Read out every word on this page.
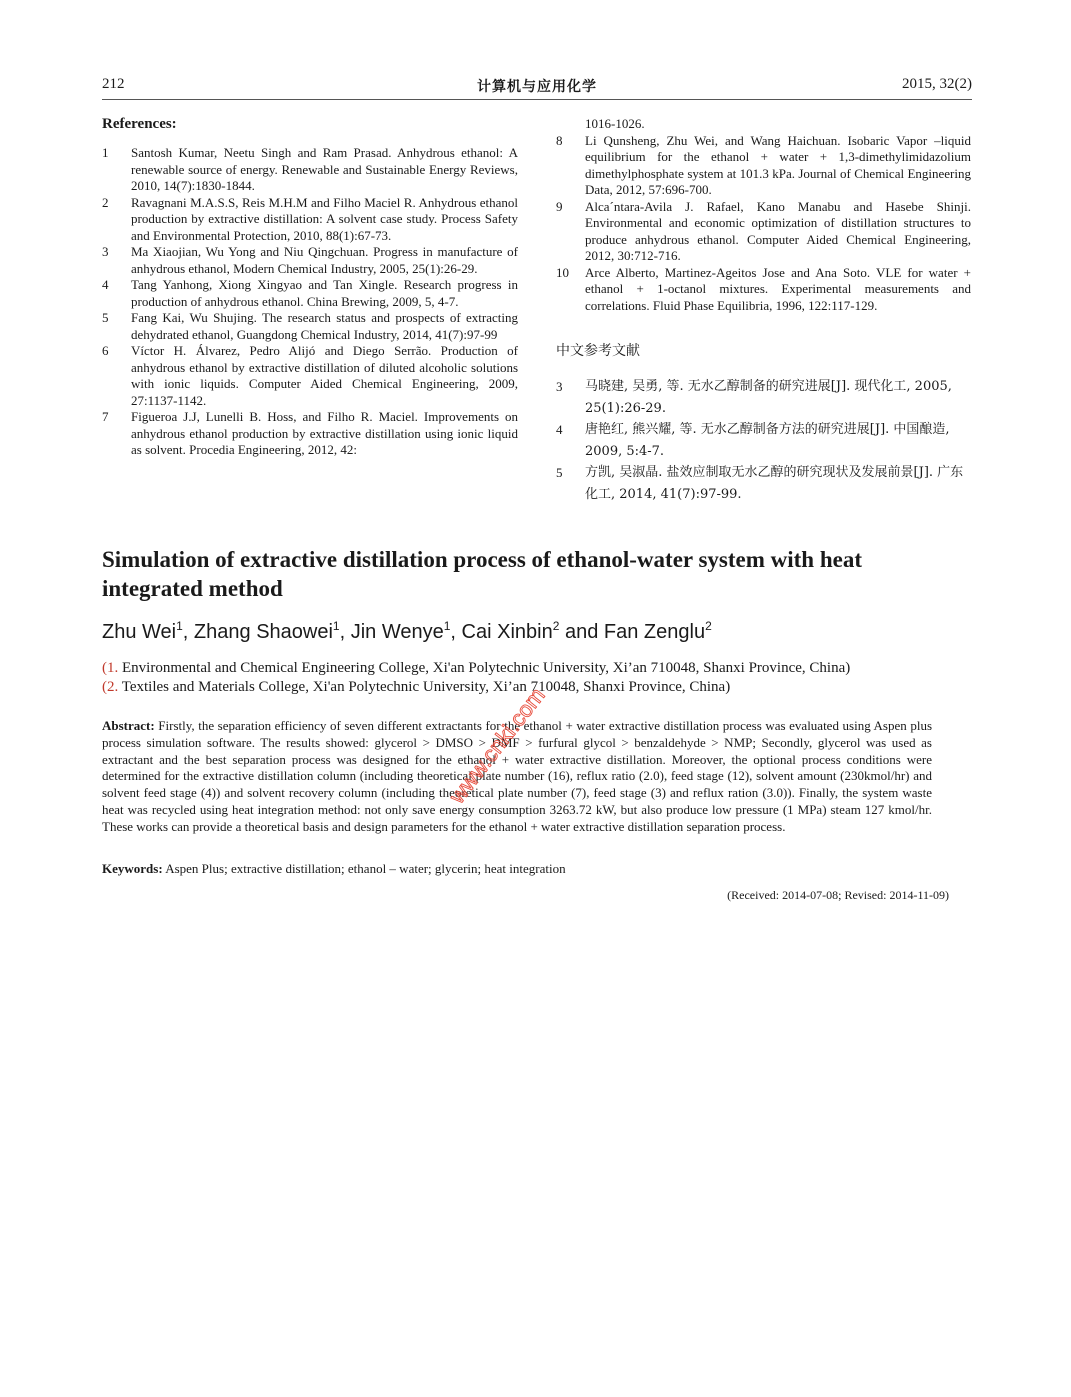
212	计算机与应用化学	2015, 32(2)
References:
1	Santosh Kumar, Neetu Singh and Ram Prasad. Anhydrous ethanol: A renewable source of energy. Renewable and Sustainable Energy Reviews, 2010, 14(7):1830-1844.
2	Ravagnani M.A.S.S, Reis M.H.M and Filho Maciel R. Anhydrous ethanol production by extractive distillation: A solvent case study. Process Safety and Environmental Protection, 2010, 88(1):67-73.
3	Ma Xiaojian, Wu Yong and Niu Qingchuan. Progress in manufacture of anhydrous ethanol, Modern Chemical Industry, 2005, 25(1):26-29.
4	Tang Yanhong, Xiong Xingyao and Tan Xingle. Research progress in production of anhydrous ethanol. China Brewing, 2009, 5, 4-7.
5	Fang Kai, Wu Shujing. The research status and prospects of extracting dehydrated ethanol, Guangdong Chemical Industry, 2014, 41(7):97-99
6	Víctor H. Álvarez, Pedro Alijó and Diego Serrão. Production of anhydrous ethanol by extractive distillation of diluted alcoholic solutions with ionic liquids. Computer Aided Chemical Engineering, 2009, 27:1137-1142.
7	Figueroa J.J, Lunelli B. Hoss, and Filho R. Maciel. Improvements on anhydrous ethanol production by extractive distillation using ionic liquid as solvent. Procedia Engineering, 2012, 42:
1016-1026.
8	Li Qunsheng, Zhu Wei, and Wang Haichuan. Isobaric Vapor –liquid equilibrium for the ethanol + water + 1,3-dimethylimidazolium dimethylphosphate system at 101.3 kPa. Journal of Chemical Engineering Data, 2012, 57:696-700.
9	Alca´ntara-Avila J. Rafael, Kano Manabu and Hasebe Shinji. Environmental and economic optimization of distillation structures to produce anhydrous ethanol. Computer Aided Chemical Engineering, 2012, 30:712-716.
10	Arce Alberto, Martinez-Ageitos Jose and Ana Soto. VLE for water + ethanol + 1-octanol mixtures. Experimental measurements and correlations. Fluid Phase Equilibria, 1996, 122:117-129.
中文参考文献
3	马晓建, 吴勇, 等. 无水乙醇制备的研究进展[J]. 现代化工, 2005, 25(1):26-29.
4	唐艳红, 熊兴耀, 等. 无水乙醇制备方法的研究进展[J]. 中国酿造, 2009, 5:4-7.
5	方凯, 吴淑晶. 盐效应制取无水乙醇的研究现状及发展前景[J]. 广东化工, 2014, 41(7):97-99.
Simulation of extractive distillation process of ethanol-water system with heat integrated method
Zhu Wei$^1$, Zhang Shaowei$^1$, Jin Wenye$^1$, Cai Xinbin$^2$ and Fan Zenglu$^2$
(1. Environmental and Chemical Engineering College, Xi'an Polytechnic University, Xi’an 710048, Shanxi Province, China)
(2. Textiles and Materials College, Xi'an Polytechnic University, Xi’an 710048, Shanxi Province, China)
Abstract: Firstly, the separation efficiency of seven different extractants for the ethanol + water extractive distillation process was evaluated using Aspen plus process simulation software. The results showed: glycerol > DMSO > DMF > furfural glycol > benzaldehyde > NMP; Secondly, glycerol was used as extractant and the best separation process was designed for the ethanol + water extractive distillation. Moreover, the optional process conditions were determined for the extractive distillation column (including theoretical plate number (16), reflux ratio (2.0), feed stage (12), solvent amount (230kmol/hr) and solvent feed stage (4)) and solvent recovery column (including theoretical plate number (7), feed stage (3) and reflux ration (3.0)). Finally, the system waste heat was recycled using heat integration method: not only save energy consumption 3263.72 kW, but also produce low pressure (1 MPa) steam 127 kmol/hr. These works can provide a theoretical basis and design parameters for the ethanol + water extractive distillation separation process.
Keywords: Aspen Plus; extractive distillation; ethanol – water; glycerin; heat integration
(Received: 2014-07-08; Revised: 2014-11-09)
www.cnki.com
